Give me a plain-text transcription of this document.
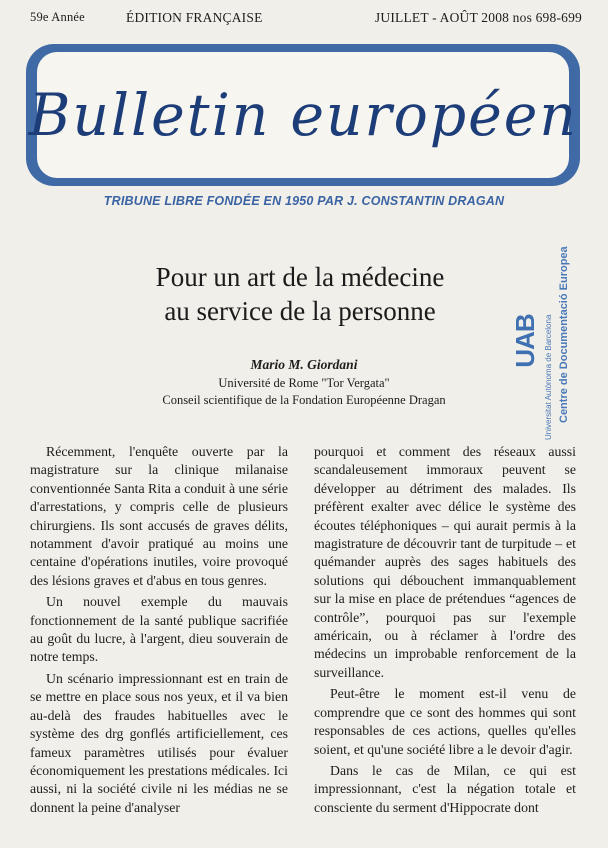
59e Année	ÉDITION FRANÇAISE	JUILLET - AOÛT 2008 nos 698-699
Bulletin européen
TRIBUNE LIBRE FONDÉE EN 1950 PAR J. CONSTANTIN DRAGAN
UAB Universitat Autònoma de Barcelona Centre de Documentació Europea
Pour un art de la médecine
au service de la personne
Mario M. Giordani
Université de Rome "Tor Vergata"
Conseil scientifique de la Fondation Européenne Dragan

Récemment, l'enquête ouverte par la magistrature sur la clinique milanaise conventionnée Santa Rita a conduit à une série d'arrestations, y compris celle de plusieurs chirurgiens. Ils sont accusés de graves délits, notamment d'avoir pratiqué au moins une centaine d'opérations inutiles, voire provoqué des lésions graves et d'abus en tous genres.

Un nouvel exemple du mauvais fonctionnement de la santé publique sacrifiée au goût du lucre, à l'argent, dieu souverain de notre temps.

Un scénario impressionnant est en train de se mettre en place sous nos yeux, et il va bien au-delà des fraudes habituelles avec le système des drg gonflés artificiellement, ces fameux paramètres utilisés pour évaluer économiquement les prestations médicales. Ici aussi, ni la société civile ni les médias ne se donnent la peine d'analyser

pourquoi et comment des réseaux aussi scandaleusement immoraux peuvent se développer au détriment des malades. Ils préfèrent exalter avec délice le système des écoutes téléphoniques – qui aurait permis à la magistrature de découvrir tant de turpitude – et quémander auprès des sages habituels des solutions qui débouchent immanquablement sur la mise en place de prétendues “agences de contrôle”, pourquoi pas sur l'exemple américain, ou à réclamer à l'ordre des médecins un improbable renforcement de la surveillance.

Peut-être le moment est-il venu de comprendre que ce sont des hommes qui sont responsables de ces actions, quelles qu'elles soient, et qu'une société libre a le devoir d'agir.

Dans le cas de Milan, ce qui est impressionnant, c'est la négation totale et consciente du serment d'Hippocrate dont
